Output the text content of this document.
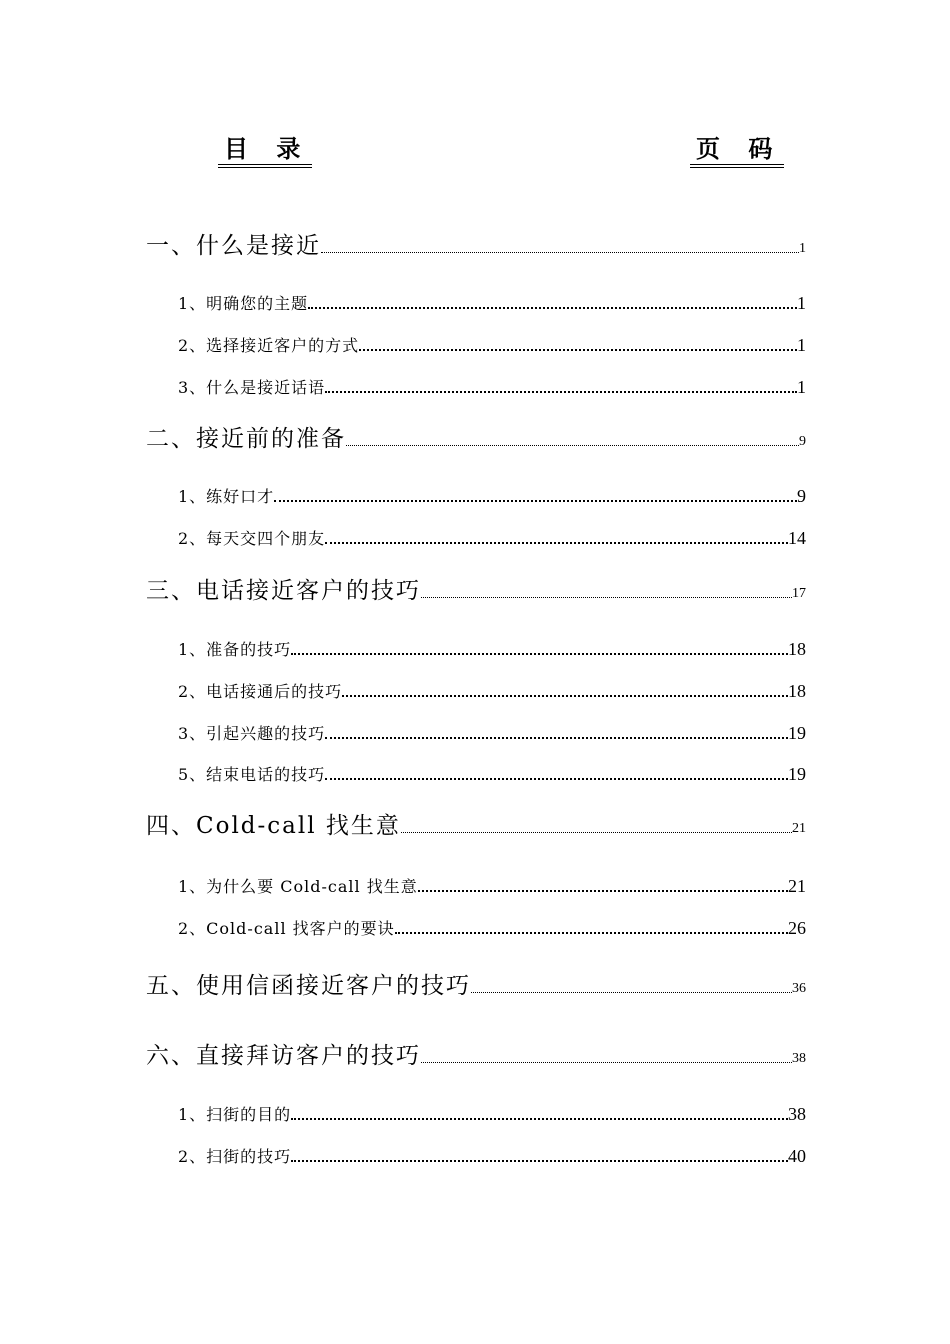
目 录	页 码
一、什么是接近	1
1、明确您的主题	1
2、选择接近客户的方式	1
3、什么是接近话语	1
二、接近前的准备	9
1、练好口才	9
2、每天交四个朋友	14
三、电话接近客户的技巧	17
1、准备的技巧	18
2、电话接通后的技巧	18
3、引起兴趣的技巧	19
5、结束电话的技巧	19
四、Cold-call 找生意	21
1、为什么要 Cold-call 找生意	21
2、Cold-call 找客户的要诀	26
五、使用信函接近客户的技巧	36
六、直接拜访客户的技巧	38
1、扫街的目的	38
2、扫街的技巧	40
